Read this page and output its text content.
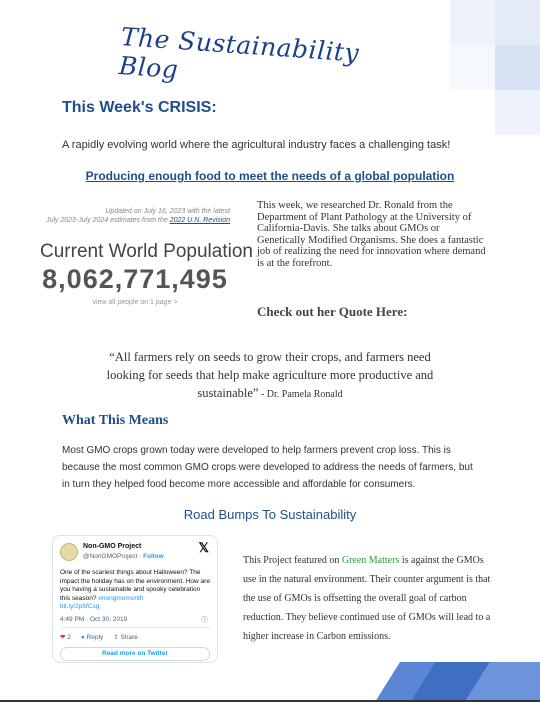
The Sustainability Blog
This Week's CRISIS:
A rapidly evolving world where the agricultural industry faces a challenging task!
Producing enough food to meet the needs of a global population
Updated on July 16, 2023 with the latest
July 2023-July 2024 estimates from the 2022 U.N. Revision
Current World Population
8,062,771,495
view all people on 1 page >
This week, we researched Dr. Ronald from the Department of Plant Pathology at the University of California-Davis. She talks about GMOs or Genetically Modified Organisms. She does a fantastic job of realizing the need for innovation where demand is at the forefront.
Check out her Quote Here:
“All farmers rely on seeds to grow their crops, and farmers need looking for seeds that help make agriculture more productive and sustainable” - Dr. Pamela Ronald
What This Means
Most GMO crops grown today were developed to help farmers prevent crop loss. This is because the most common GMO crops were developed to address the needs of farmers, but in turn they helped food become more accessible and affordable for consumers.
Road Bumps To Sustainability
Non-GMO Project
@NonGMOProject · Follow
𝕏
One of the scariest things about Halloween? The impact the holiday has on the environment. How are you having a sustainable and spooky celebration this season? #nongmomonth
bit.ly/2p6fCsg
4:49 PM · Oct 30, 2019	ⓘ
❤ 2 ● Reply ⇪ Share
Read more on Twitter
This Project featured on Green Matters is against the GMOs use in the natural environment. Their counter argument is that the use of GMOs is offsetting the overall goal of carbon reduction. They believe continued use of GMOs will lead to a higher increase in Carbon emissions.
